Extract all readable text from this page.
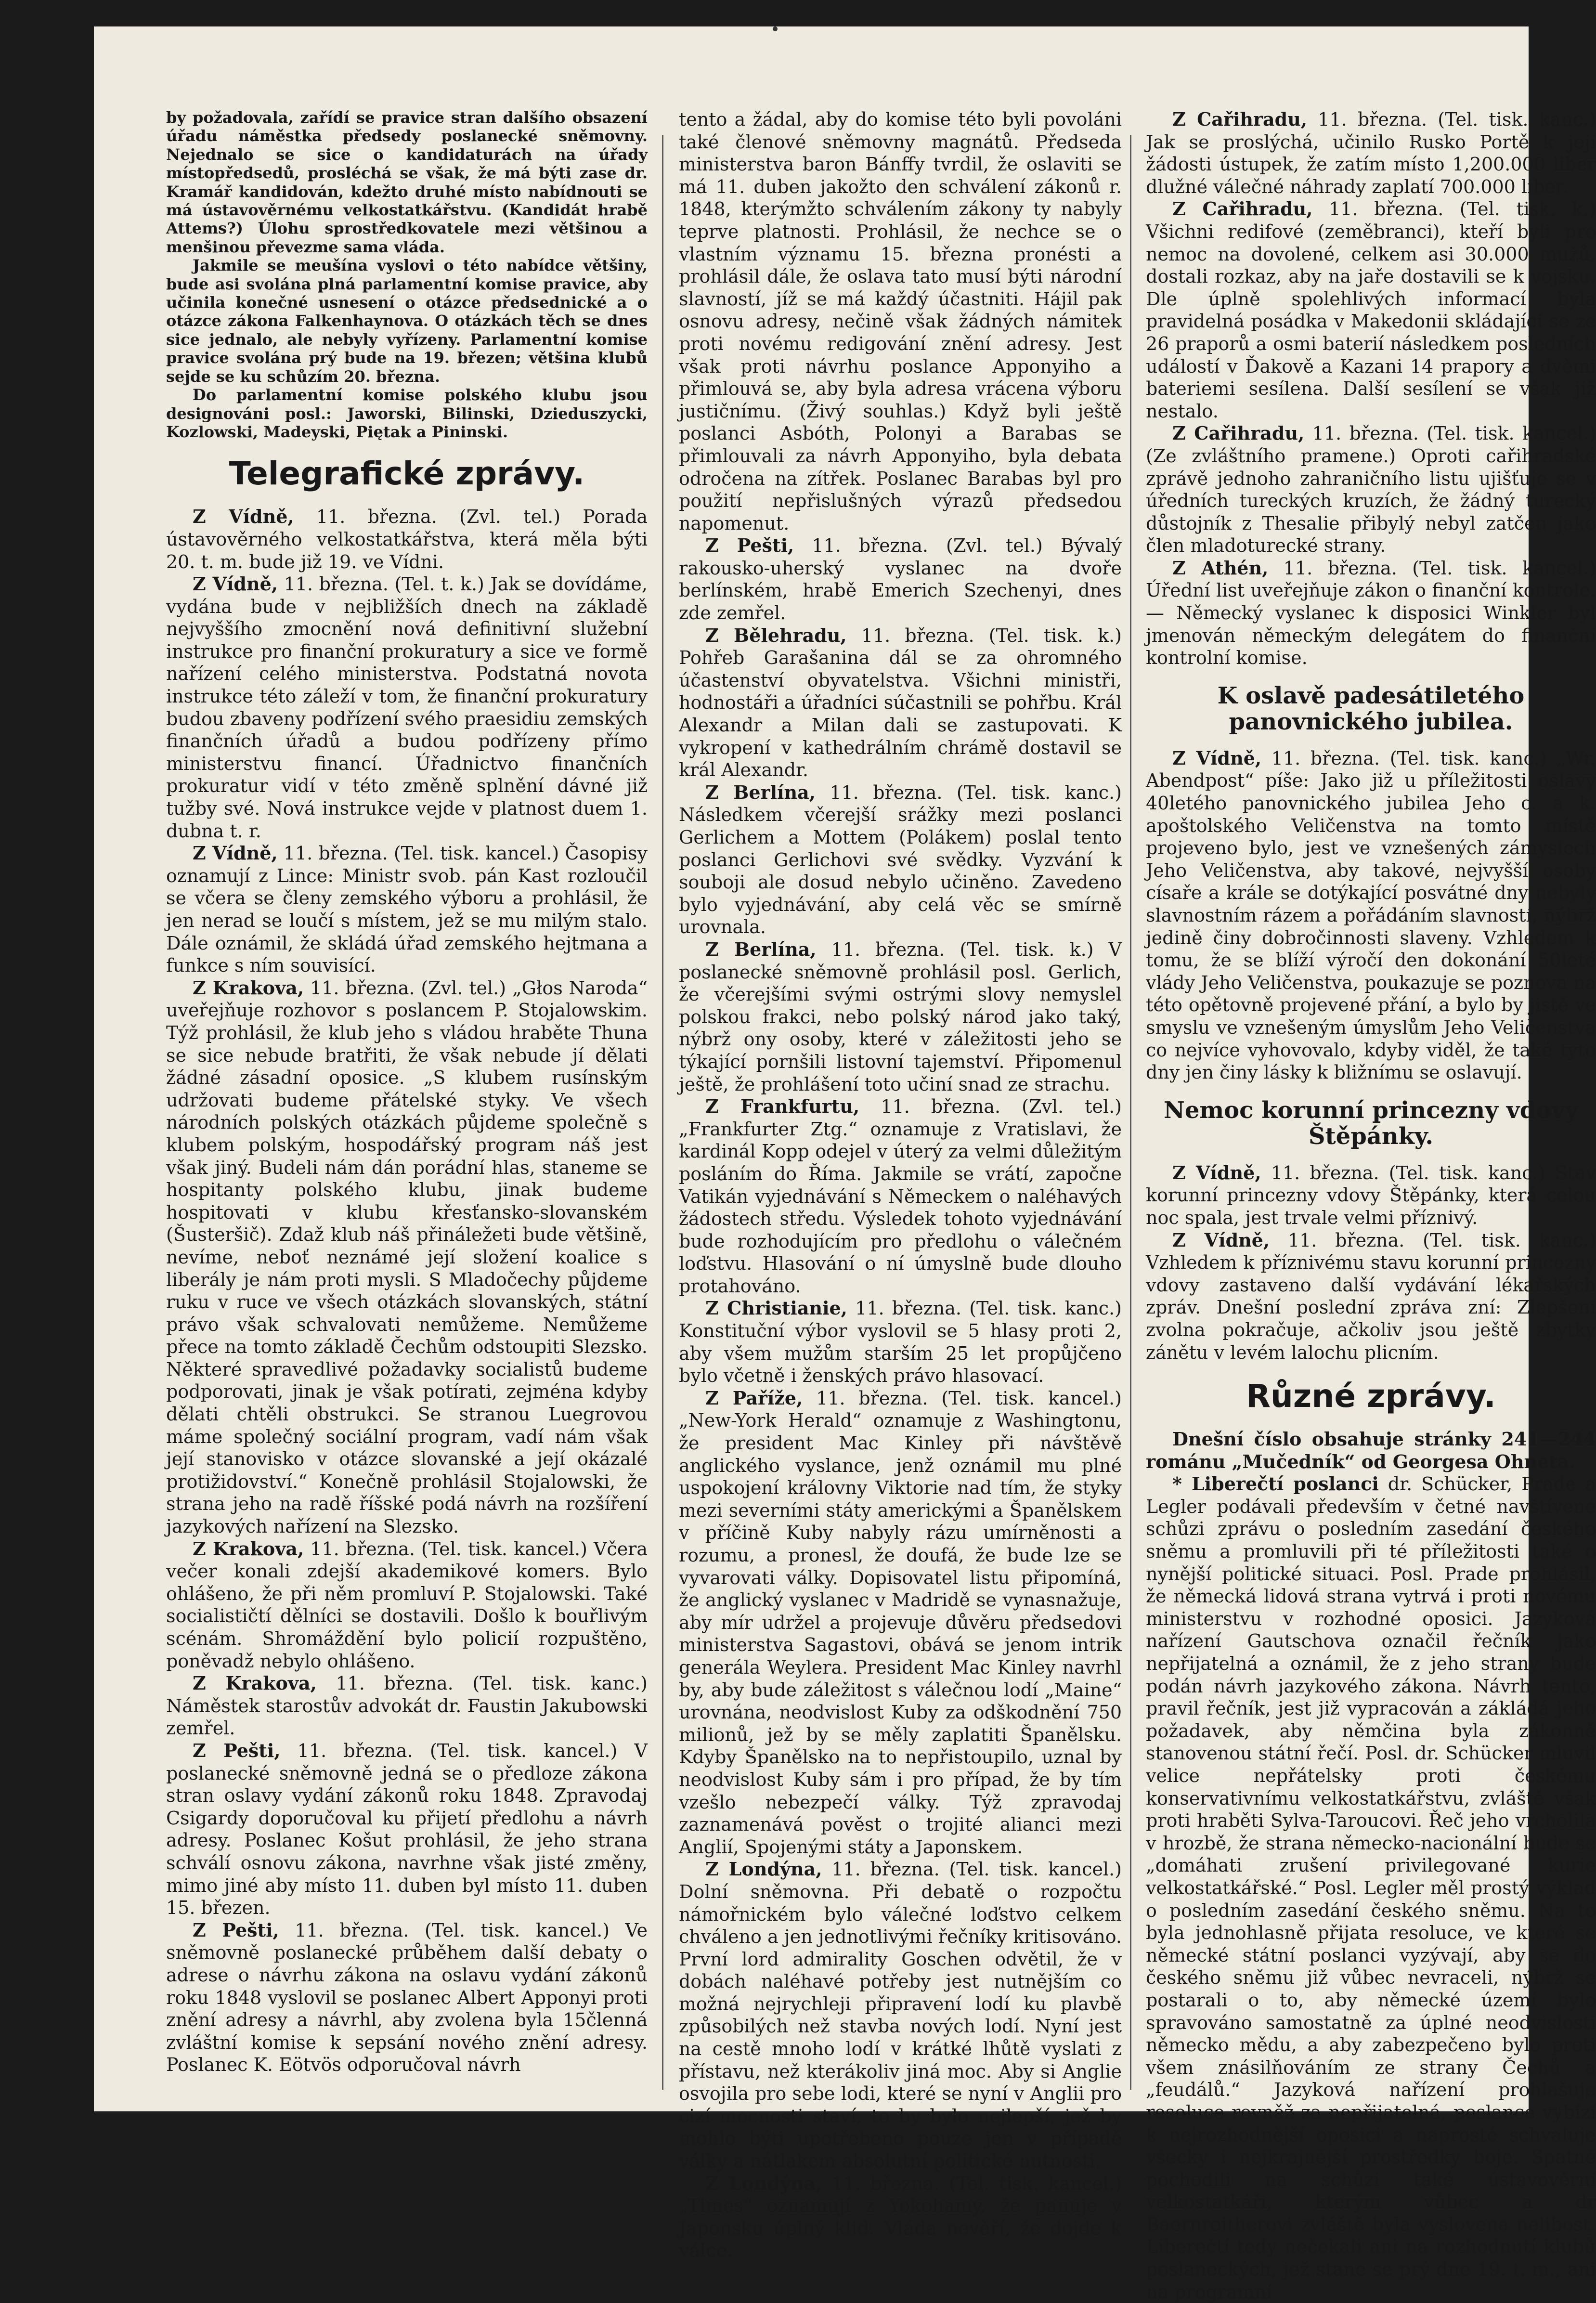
by požadovala, zařídí se pravice stran dalšího obsazení úřadu náměstka předsedy poslanecké sněmovny. Nejednalo se sice o kandidaturách na úřady místopředsedů, prosléchá se však, že má býti zase dr. Kramář kandidován, kdežto druhé místo nabídnouti se má ústavověrnému velkostatkářstvu. (Kandidát hrabě Attems?) Úlohu sprostředkovatele mezi většinou a menšinou převezme sama vláda.

Jakmile se meušína vyslovi o této nabídce většiny, bude asi svolána plná parlamentní komise pravice, aby učinila konečné usnesení o otázce předsednické a o otázce zákona Falkenhaynova. O otázkách těch se dnes sice jednalo, ale nebyly vyřízeny. Parlamentní komise pravice svolána prý bude na 19. březen; většina klubů sejde se ku schůzím 20. března.

Do parlamentní komise polského klubu jsou designováni posl.: Jaworski, Bilinski, Dzieduszycki, Kozlowski, Madeyski, Piętak a Pininski.

Telegrafické zprávy.

Z Vídně, 11. března. (Zvl. tel.) Porada ústavověrného velkostatkářstva, která měla býti 20. t. m. bude již 19. ve Vídni.

Z Vídně, 11. března. (Tel. t. k.) Jak se dovídáme, vydána bude v nejbližších dnech na základě nejvyššího zmocnění nová definitivní služební instrukce pro finanční prokuratury a sice ve formě nařízení celého ministerstva. Podstatná novota instrukce této záleží v tom, že finanční prokuratury budou zbaveny podřízení svého praesidiu zemských finančních úřadů a budou podřízeny přímo ministerstvu financí. Úřadnictvo finančních prokuratur vidí v této změně splnění dávné již tužby své. Nová instrukce vejde v platnost duem 1. dubna t. r.

Z Vídně, 11. března. (Tel. tisk. kancel.) Časopisy oznamují z Lince: Ministr svob. pán Kast rozloučil se včera se členy zemského výboru a prohlásil, že jen nerad se loučí s místem, jež se mu milým stalo. Dále oznámil, že skládá úřad zemského hejtmana a funkce s ním souvisící.

Z Krakova, 11. března. (Zvl. tel.) „Głos Naroda“ uveřejňuje rozhovor s poslancem P. Stojalowskim. Týž prohlásil, že klub jeho s vládou hraběte Thuna se sice nebude bratřiti, že však nebude jí dělati žádné zásadní oposice. „S klubem rusínským udržovati budeme přátelské styky. Ve všech národních polských otázkách půjdeme společně s klubem polským, hospodářský program náš jest však jiný. Budeli nám dán porádní hlas, staneme se hospitanty polského klubu, jinak budeme hospitovati v klubu křesťansko-slovanském (Šusteršič). Zdaž klub náš přináležeti bude většině, nevíme, neboť neznámé její složení koalice s liberály je nám proti mysli. S Mladočechy půjdeme ruku v ruce ve všech otázkách slovanských, státní právo však schvalovati nemůžeme. Nemůžeme přece na tomto základě Čechům odstoupiti Slezsko. Některé spravedlivé požadavky socialistů budeme podporovati, jinak je však potírati, zejména kdyby dělati chtěli obstrukci. Se stranou Luegrovou máme společný sociální program, vadí nám však její stanovisko v otázce slovanské a její okázalé protižidovství.“ Konečně prohlásil Stojalowski, že strana jeho na radě říšské podá návrh na rozšíření jazykových nařízení na Slezsko.

Z Krakova, 11. března. (Tel. tisk. kancel.) Včera večer konali zdejší akademikové komers. Bylo ohlášeno, že při něm promluví P. Stojalowski. Také socialističtí dělníci se dostavili. Došlo k bouřlivým scénám. Shromáždění bylo policií rozpuštěno, poněvadž nebylo ohlášeno.

Z Krakova, 11. března. (Tel. tisk. kanc.) Náměstek starostův advokát dr. Faustin Jakubowski zemřel.

Z Pešti, 11. března. (Tel. tisk. kancel.) V poslanecké sněmovně jedná se o předloze zákona stran oslavy vydání zákonů roku 1848. Zpravodaj Csigardy doporučoval ku přijetí předlohu a návrh adresy. Poslanec Košut prohlásil, že jeho strana schválí osnovu zákona, navrhne však jisté změny, mimo jiné aby místo 11. duben byl místo 11. duben 15. březen.

Z Pešti, 11. března. (Tel. tisk. kancel.) Ve sněmovně poslanecké průběhem další debaty o adrese o návrhu zákona na oslavu vydání zákonů roku 1848 vyslovil se poslanec Albert Apponyi proti znění adresy a návrhl, aby zvolena byla 15členná zvláštní komise k sepsání nového znění adresy. Poslanec K. Eötvös odporučoval návrh

tento a žádal, aby do komise této byli povoláni také členové sněmovny magnátů. Předseda ministerstva baron Bánffy tvrdil, že oslaviti se má 11. duben jakožto den schválení zákonů r. 1848, kterýmžto schválením zákony ty nabyly teprve platnosti. Prohlásil, že nechce se o vlastním významu 15. března pronésti a prohlásil dále, že oslava tato musí býti národní slavností, jíž se má každý účastniti. Hájil pak osnovu adresy, nečině však žádných námitek proti novému redigování znění adresy. Jest však proti návrhu poslance Apponyiho a přimlouvá se, aby byla adresa vrácena výboru justičnímu. (Živý souhlas.) Když byli ještě poslanci Asbóth, Polonyi a Barabas se přimlouvali za návrh Apponyiho, byla debata odročena na zítřek. Poslanec Barabas byl pro použití nepřislušných výrazů předsedou napomenut.

Z Pešti, 11. března. (Zvl. tel.) Bývalý rakousko-uherský vyslanec na dvoře berlínském, hrabě Emerich Szechenyi, dnes zde zemřel.

Z Bělehradu, 11. března. (Tel. tisk. k.) Pohřeb Garašanina dál se za ohromného účastenství obyvatelstva. Všichni ministři, hodnostáři a úřadníci súčastnili se pohřbu. Král Alexandr a Milan dali se zastupovati. K vykropení v kathedrálním chrámě dostavil se král Alexandr.

Z Berlína, 11. března. (Tel. tisk. kanc.) Následkem včerejší srážky mezi poslanci Gerlichem a Mottem (Polákem) poslal tento poslanci Gerlichovi své svědky. Vyzvání k souboji ale dosud nebylo učiněno. Zavedeno bylo vyjednávání, aby celá věc se smírně urovnala.

Z Berlína, 11. března. (Tel. tisk. k.) V poslanecké sněmovně prohlásil posl. Gerlich, že včerejšími svými ostrými slovy nemyslel polskou frakci, nebo polský národ jako taký, nýbrž ony osoby, které v záležitosti jeho se týkající pornšili listovní tajemství. Připomenul ještě, že prohlášení toto učiní snad ze strachu.

Z Frankfurtu, 11. března. (Zvl. tel.) „Frankfurter Ztg.“ oznamuje z Vratislavi, že kardinál Kopp odejel v úterý za velmi důležitým posláním do Říma. Jakmile se vrátí, započne Vatikán vyjednávání s Německem o naléhavých žádostech středu. Výsledek tohoto vyjednávání bude rozhodujícím pro předlohu o válečném loďstvu. Hlasování o ní úmyslně bude dlouho protahováno.

Z Christianie, 11. března. (Tel. tisk. kanc.) Konstituční výbor vyslovil se 5 hlasy proti 2, aby všem mužům starším 25 let propůjčeno bylo včetně i ženských právo hlasovací.

Z Paříže, 11. března. (Tel. tisk. kancel.) „New-York Herald“ oznamuje z Washingtonu, že president Mac Kinley při návštěvě anglického vyslance, jenž oznámil mu plné uspokojení královny Viktorie nad tím, že styky mezi severními státy americkými a Španělskem v příčině Kuby nabyly rázu umírněnosti a rozumu, a pronesl, že doufá, že bude lze se vyvarovati války. Dopisovatel listu připomíná, že anglický vyslanec v Madridě se vynasnažuje, aby mír udržel a projevuje důvěru předsedovi ministerstva Sagastovi, obává se jenom intrik generála Weylera. President Mac Kinley navrhl by, aby bude záležitost s válečnou lodí „Maine“ urovnána, neodvislost Kuby za odškodnění 750 milionů, jež by se měly zaplatiti Španělsku. Kdyby Španělsko na to nepřistoupilo, uznal by neodvislost Kuby sám i pro případ, že by tím vzešlo nebezpečí války. Týž zpravodaj zaznamenává pověst o trojité alianci mezi Anglií, Spojenými státy a Japonskem.

Z Londýna, 11. března. (Tel. tisk. kancel.) Dolní sněmovna. Při debatě o rozpočtu námořnickém bylo válečné loďstvo celkem chváleno a jen jednotlivými řečníky kritisováno. První lord admirality Goschen odvětil, že v dobách naléhavé potřeby jest nutnějším co možná nejrychleji připravení lodí ku plavbě způsobilých než stavba nových lodí. Nyní jest na cestě mnoho lodí v krátké lhůtě vyslati z přístavu, než kterákoliv jiná moc. Aby si Anglie osvojila pro sebe lodi, které se nyní v Anglii pro cizí mocnosti staví, to by bylo nejlepší, jež by mohlo býti upotřebeno pouze jen v případě války a nátlakem absolutní politické nutnosti.

Z Londýna, 11. března. (Tel. tisk. kancel.) „Times“ oznamují z Yokohamy, že panuje v Japonsku úplný klid. Vláda nevěří, že dojde k válce.

Z Cařihradu, 11. března. (Tel. tisk. kanc.) Jak se proslýchá, učinilo Rusko Portě k její žádosti ústupek, že zatím místo 1,200.000 liber dlužné válečné náhrady zaplatí 700.000 liber.

Z Cařihradu, 11. března. (Tel. tisk. k.) Všichni redifové (zeměbranci), kteří byli pro nemoc na dovolené, celkem asi 30.000 mužů, dostali rozkaz, aby na jaře dostavili se k vojsku. Dle úplně spolehlivých informací byla pravidelná posádka v Makedonii skládající se ze 26 praporů a osmi baterií následkem posledních událostí v Ďakově a Kazani 14 prapory a dvěmi bateriemi sesílena. Další sesílení se však již nestalo.

Z Cařihradu, 11. března. (Tel. tisk. kancel.) (Ze zvláštního pramene.) Oproti cařihradské zprávě jednoho zahraničního listu ujišťuje se v úředních tureckých kruzích, že žádný turecký důstojník z Thesalie přibylý nebyl zatčen jako člen mladoturecké strany.

Z Athén, 11. března. (Tel. tisk. kancel.) Úřední list uveřejňuje zákon o finanční kontrole. — Německý vyslanec k disposici Winkler byl jmenován německým delegátem do finanční kontrolní komise.

K oslavě padesátiletého panovnického jubilea.

Z Vídně, 11. března. (Tel. tisk. kanc.) „Wr. Abendpost“ píše: Jako již u příležitosti oslavy 40letého panovnického jubilea Jeho c. a k. apoštolského Veličenstva na tomto místě projeveno bylo, jest ve vznešených zámyslech Jeho Veličenstva, aby takové, nejvyšší osoby císaře a krále se dotýkající posvátné dny nebyly slavnostním rázem a pořádáním slavností, nýbrž jedině činy dobročinnosti slaveny. Vzhledem k tomu, že se blíží výročí den dokonání 50leté vlády Jeho Veličenstva, poukazuje se poznova na této opětovně projevené přání, a bylo by jistě ve smyslu ve vznešeným úmyslům Jeho Veličenstva co nejvíce vyhovovalo, kdyby viděl, že také tyto dny jen činy lásky k bližnímu se oslavují.

Nemoc korunní princezny vdovy Štěpánky.

Z Vídně, 11. března. (Tel. tisk. kanc.) Stav korunní princezny vdovy Štěpánky, která celou noc spala, jest trvale velmi příznivý.

Z Vídně, 11. března. (Tel. tisk. kanc.) Vzhledem k příznivému stavu korunní princezny vdovy zastaveno další vydávání lékařských zpráv. Dnešní poslední zpráva zní: Zlepšení zvolna pokračuje, ačkoliv jsou ještě zbytky zánětu v levém lalochu plicním.

Různé zprávy.

Dnešní číslo obsahuje stránky 241—244 románu „Mučedník“ od Georgesa Ohneta.

* Liberečtí poslanci dr. Schücker, Prade a Legler podávali především v četné navštívené schůzi zprávu o posledním zasedání českého sněmu a promluvili při té příležitosti také o nynější politické situaci. Posl. Prade prohlásil, že německá lidová strana vytrvá i proti novému ministerstvu v rozhodné oposici. Jazyková nařízení Gautschova označil řečník jako nepřijatelná a oznámil, že z jeho strany bude podán návrh jazykového zákona. Návrh tento, pravil řečník, jest již vypracován a zákládá jeho požadavek, aby němčina byla zákonně stanovenou státní řečí. Posl. dr. Schücker mluvil velice nepřátelsky proti českému konservativnímu velkostatkářstvu, zvláště však proti hraběti Sylva-Taroucovi. Řeč jeho vrcholila v hrozbě, že strana německo-nacionální bude se „domáhati zrušení privilegované kurie velkostatkářské.“ Posl. Legler měl prostý výklad o posledním zasedání českého sněmu. Na to byla jednohlasně přijata resoluce, ve které se německé státní poslanci vyzývají, aby se do českého sněmu již vůbec nevraceli, nýbrž se postarali o to, aby německé území bylo spravováno samostatně za úplné neodvislosti německo mědu, a aby zabezpečeno bylo proti všem znásilňováním ze strany Čechů a „feudálů.“ Jazyková nařízení prohlašuje resoluce rovněž za nepřijatelná, poslance vybízí k nejrozhodnější oposici a naprosté schvaluje všecky i nejkrajnější prostředky boje. Spatně pochodili na schůzi také ústavověrní velkostatkáři, kterým vůbec a dr Baernreitherovi zvláště byla vyslovena nelibost. Liberečtí tedy nečekali ani na rozhodnutí klubů poslaneckých, jež stane se prý dne 19. t. m., ani na programní
